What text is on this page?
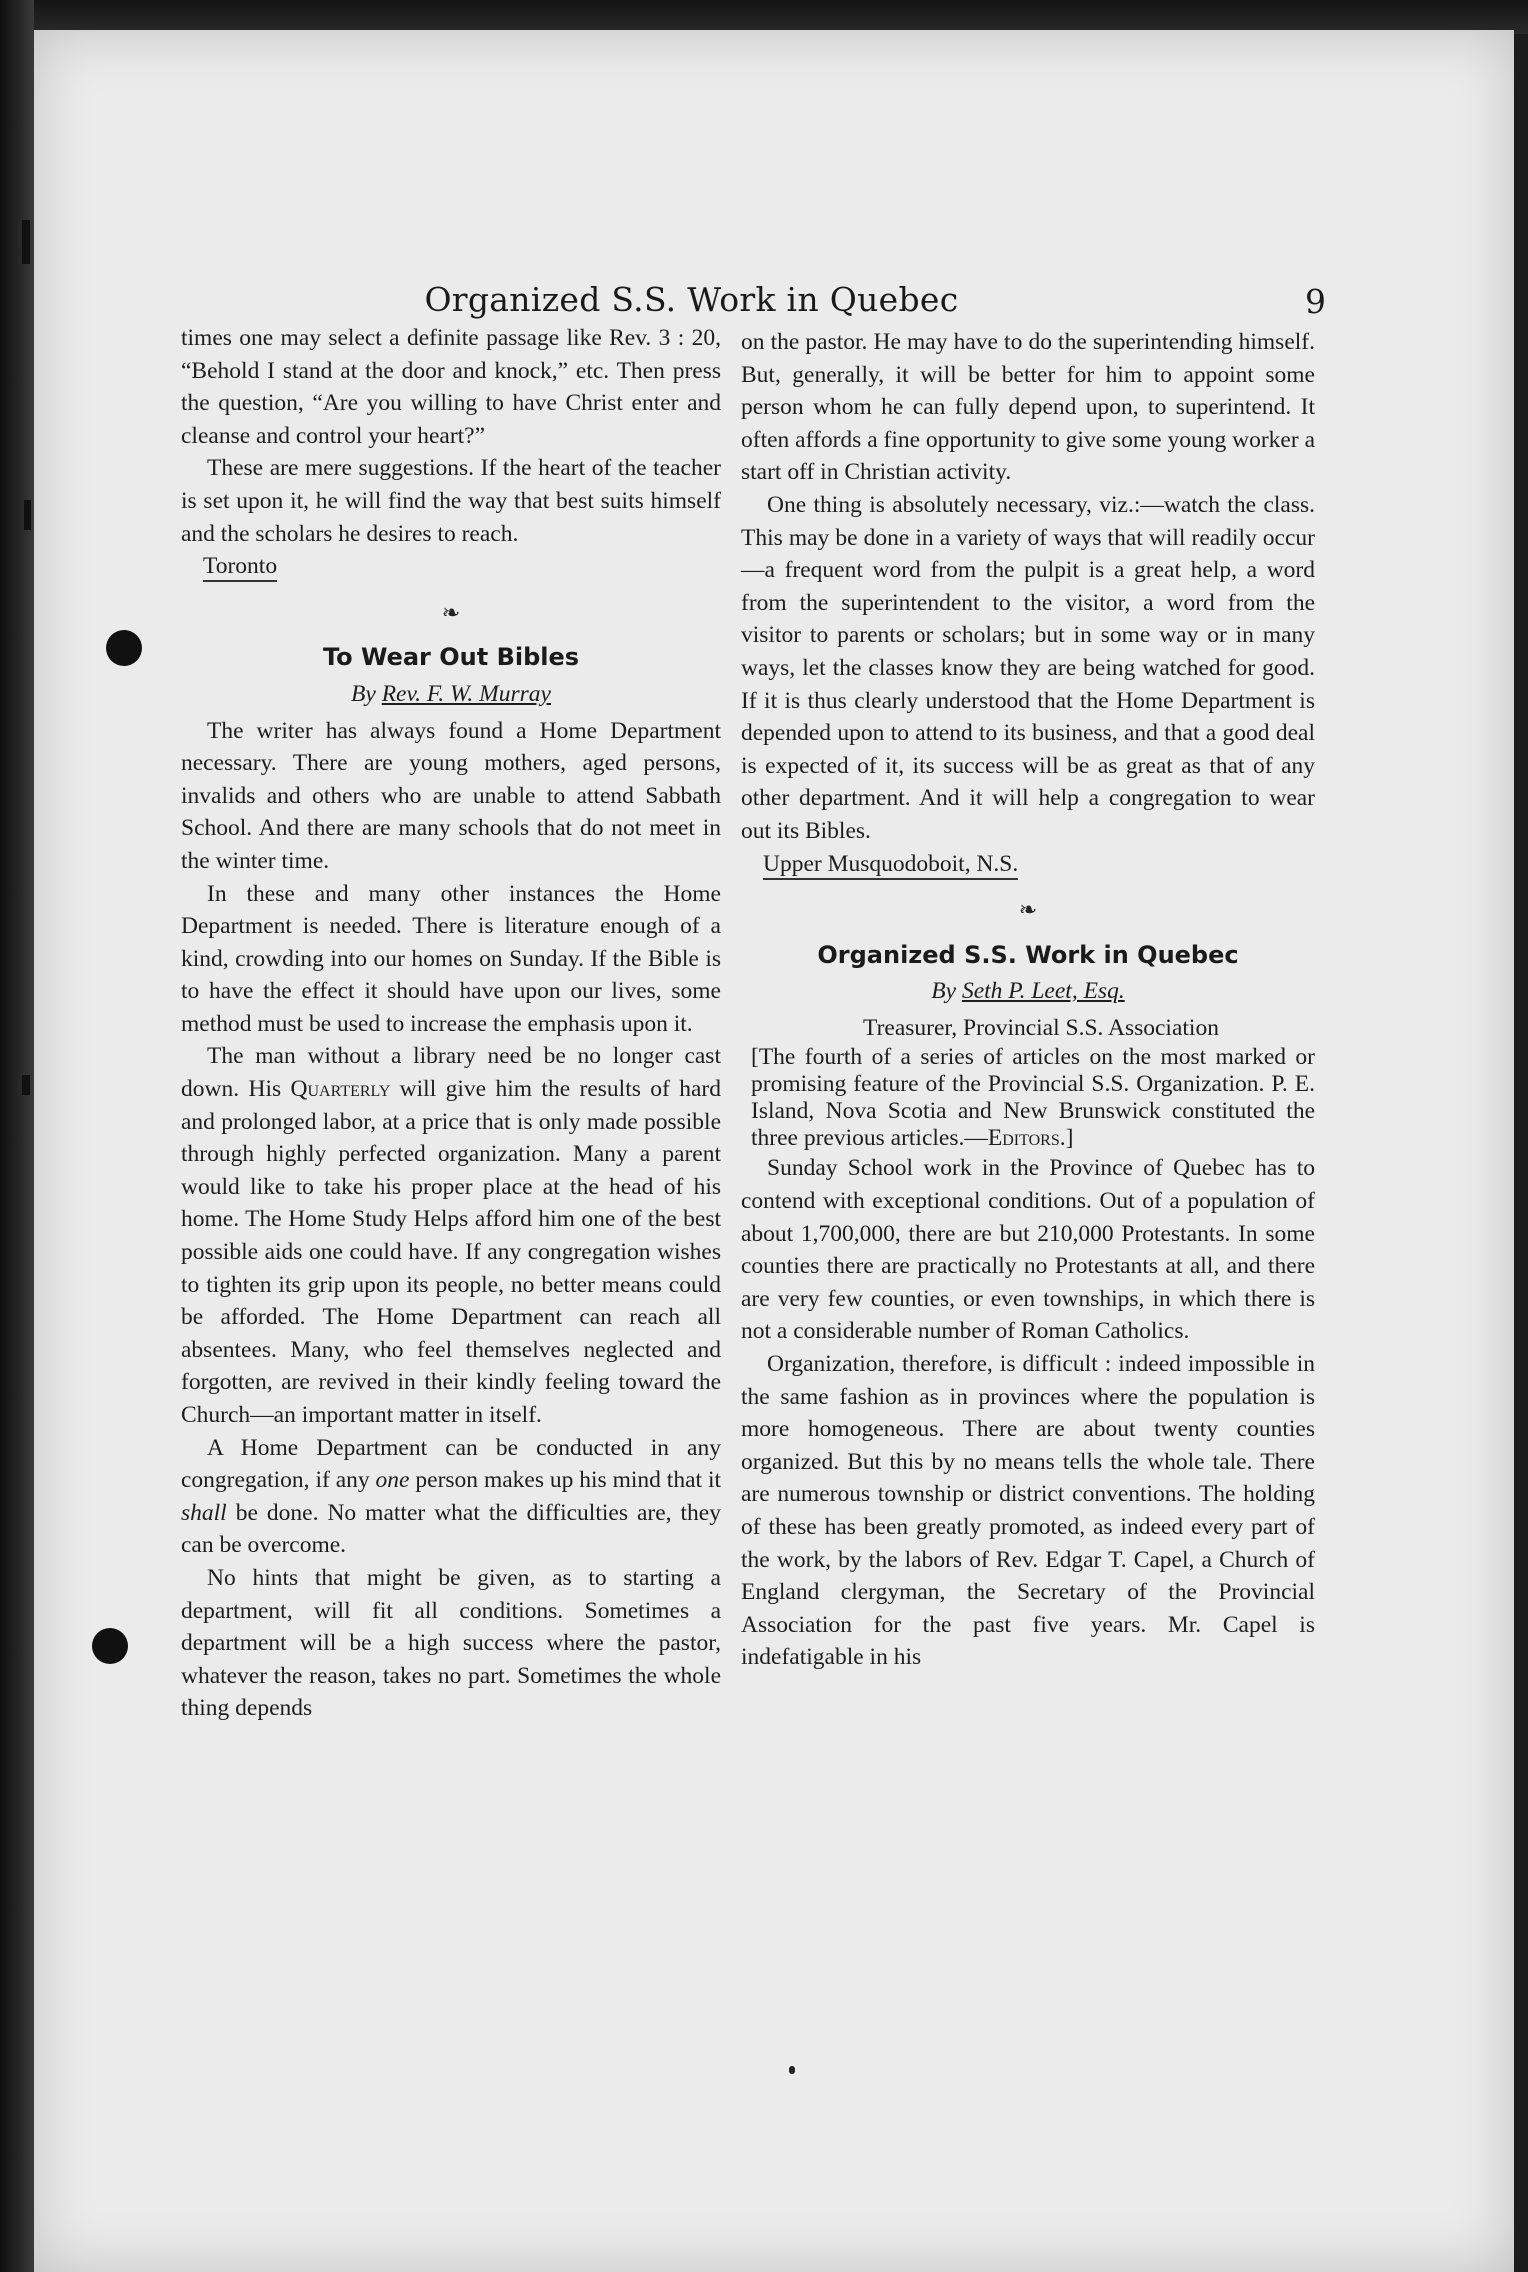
Organized S.S. Work in Quebec	9

times one may select a definite passage like Rev. 3 : 20, “Behold I stand at the door and knock,” etc. Then press the question, “Are you willing to have Christ enter and cleanse and control your heart?”

These are mere suggestions. If the heart of the teacher is set upon it, he will find the way that best suits himself and the scholars he desires to reach.

Toronto

❧
To Wear Out Bibles
By Rev. F. W. Murray

The writer has always found a Home Department necessary. There are young mothers, aged persons, invalids and others who are unable to attend Sabbath School. And there are many schools that do not meet in the winter time.

In these and many other instances the Home Department is needed. There is literature enough of a kind, crowding into our homes on Sunday. If the Bible is to have the effect it should have upon our lives, some method must be used to increase the emphasis upon it.

The man without a library need be no longer cast down. His Quarterly will give him the results of hard and prolonged labor, at a price that is only made possible through highly perfected organization. Many a parent would like to take his proper place at the head of his home. The Home Study Helps afford him one of the best possible aids one could have. If any congregation wishes to tighten its grip upon its people, no better means could be afforded. The Home Department can reach all absentees. Many, who feel themselves neglected and forgotten, are revived in their kindly feeling toward the Church—an important matter in itself.

A Home Department can be conducted in any congregation, if any one person makes up his mind that it shall be done. No matter what the difficulties are, they can be overcome.

No hints that might be given, as to starting a department, will fit all conditions. Sometimes a department will be a high success where the pastor, whatever the reason, takes no part. Sometimes the whole thing depends

on the pastor. He may have to do the superintending himself. But, generally, it will be better for him to appoint some person whom he can fully depend upon, to superintend. It often affords a fine opportunity to give some young worker a start off in Christian activity.

One thing is absolutely necessary, viz.:—watch the class. This may be done in a variety of ways that will readily occur—a frequent word from the pulpit is a great help, a word from the superintendent to the visitor, a word from the visitor to parents or scholars; but in some way or in many ways, let the classes know they are being watched for good. If it is thus clearly understood that the Home Department is depended upon to attend to its business, and that a good deal is expected of it, its success will be as great as that of any other department. And it will help a congregation to wear out its Bibles.

Upper Musquodoboit, N.S.

❧
Organized S.S. Work in Quebec
By Seth P. Leet, Esq.

Treasurer, Provincial S.S. Association

[The fourth of a series of articles on the most marked or promising feature of the Provincial S.S. Organization. P. E. Island, Nova Scotia and New Brunswick constituted the three previous articles.—Editors.]

Sunday School work in the Province of Quebec has to contend with exceptional conditions. Out of a population of about 1,700,000, there are but 210,000 Protestants. In some counties there are practically no Protestants at all, and there are very few counties, or even townships, in which there is not a considerable number of Roman Catholics.

Organization, therefore, is difficult : indeed impossible in the same fashion as in provinces where the population is more homogeneous. There are about twenty counties organized. But this by no means tells the whole tale. There are numerous township or district conventions. The holding of these has been greatly promoted, as indeed every part of the work, by the labors of Rev. Edgar T. Capel, a Church of England clergyman, the Secretary of the Provincial Association for the past five years. Mr. Capel is indefatigable in his
